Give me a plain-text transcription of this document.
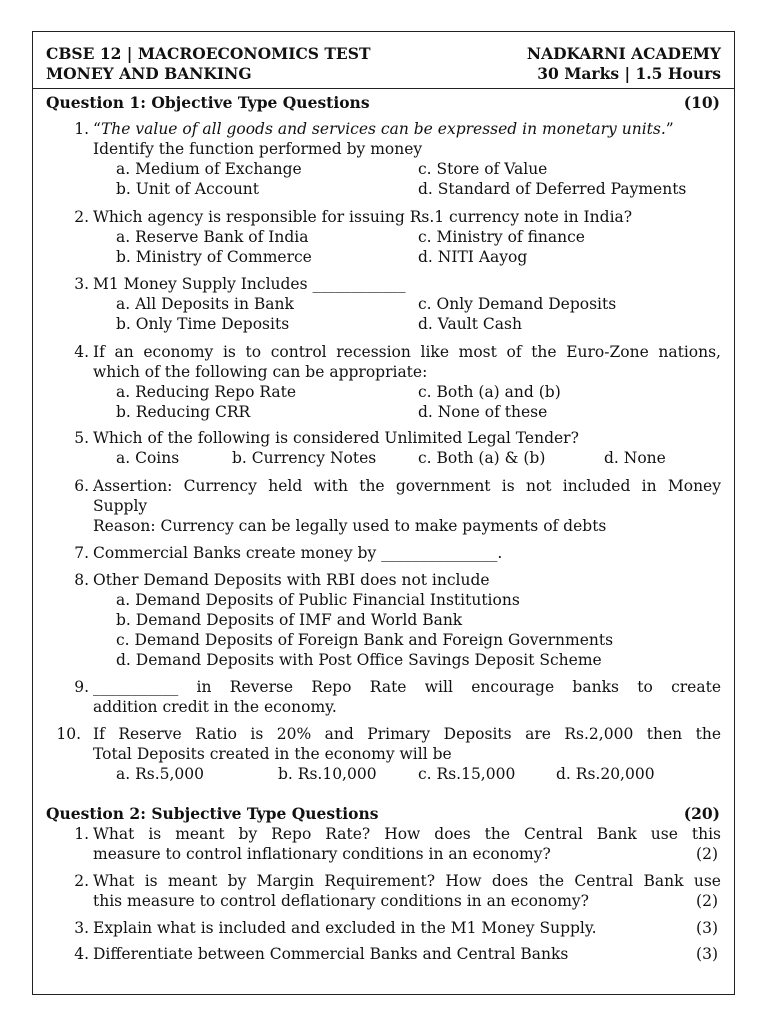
CBSE 12 | MACROECONOMICS TEST	NADKARNI ACADEMY
MONEY AND BANKING	30 Marks | 1.5 Hours
Question 1: Objective Type Questions	(10)
1. “The value of all goods and services can be expressed in monetary units.”
Identify the function performed by money
a. Medium of Exchange	c. Store of Value
b. Unit of Account	d. Standard of Deferred Payments
2. Which agency is responsible for issuing Rs.1 currency note in India?
a. Reserve Bank of India	c. Ministry of finance
b. Ministry of Commerce	d. NITI Aayog
3. M1 Money Supply Includes ____________
a. All Deposits in Bank	c. Only Demand Deposits
b. Only Time Deposits	d. Vault Cash
4. If an economy is to control recession like most of the Euro-Zone nations,
which of the following can be appropriate:
a. Reducing Repo Rate	c. Both (a) and (b)
b. Reducing CRR	d. None of these
5. Which of the following is considered Unlimited Legal Tender?
a. Coins	b. Currency Notes	c. Both (a) & (b)	d. None
6. Assertion: Currency held with the government is not included in Money
Supply
Reason: Currency can be legally used to make payments of debts
7. Commercial Banks create money by _______________.
8. Other Demand Deposits with RBI does not include
a. Demand Deposits of Public Financial Institutions
b. Demand Deposits of IMF and World Bank
c. Demand Deposits of Foreign Bank and Foreign Governments
d. Demand Deposits with Post Office Savings Deposit Scheme
9. ___________ in Reverse Repo Rate will encourage banks to create
addition credit in the economy.
10. If Reserve Ratio is 20% and Primary Deposits are Rs.2,000 then the
Total Deposits created in the economy will be
a. Rs.5,000	b. Rs.10,000	c. Rs.15,000	d. Rs.20,000
Question 2: Subjective Type Questions	(20)
1. What is meant by Repo Rate? How does the Central Bank use this
measure to control inflationary conditions in an economy?	(2)
2. What is meant by Margin Requirement? How does the Central Bank use
this measure to control deflationary conditions in an economy?	(2)
3. Explain what is included and excluded in the M1 Money Supply.	(3)
4. Differentiate between Commercial Banks and Central Banks	(3)
